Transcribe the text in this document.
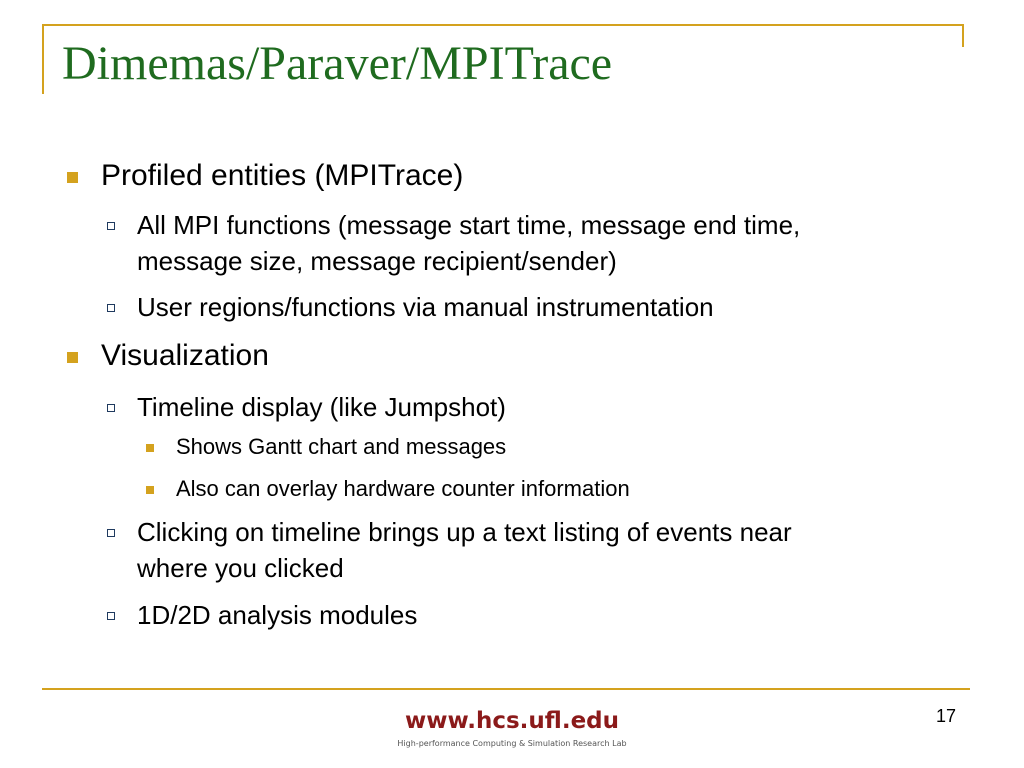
Dimemas/Paraver/MPITrace

Profiled entities (MPITrace)

All MPI functions (message start time, message end time,

message size, message recipient/sender)

User regions/functions via manual instrumentation

Visualization

Timeline display (like Jumpshot)

Shows Gantt chart and messages

Also can overlay hardware counter information

Clicking on timeline brings up a text listing of events near

where you clicked

1D/2D analysis modules

www.hcs.ufl.edu
High-performance Computing & Simulation Research Lab
17
